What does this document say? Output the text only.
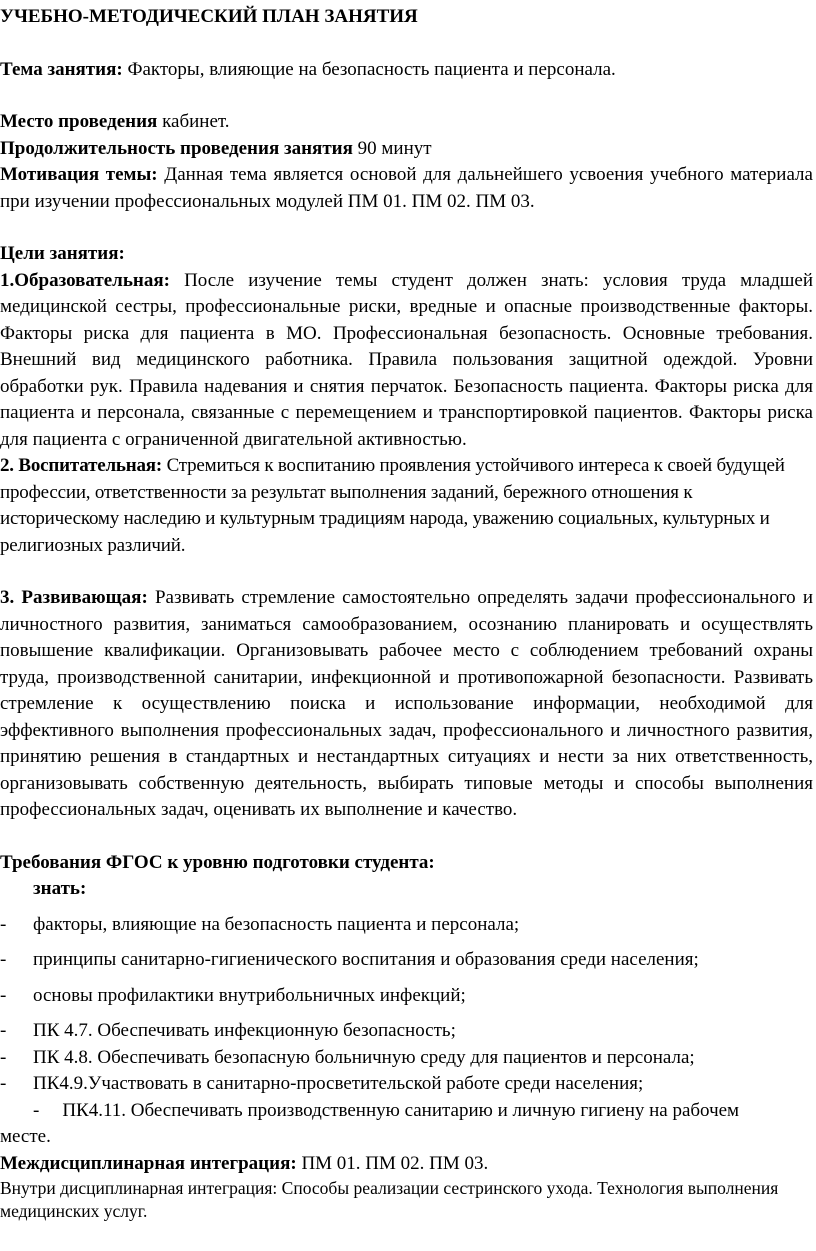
УЧЕБНО-МЕТОДИЧЕСКИЙ ПЛАН ЗАНЯТИЯ

Тема занятия: Факторы, влияющие на безопасность пациента и персонала.

Место проведения кабинет.

Продолжительность проведения занятия 90 минут

Мотивация темы: Данная тема является основой для дальнейшего усвоения учебного материала при изучении профессиональных модулей ПМ 01. ПМ 02. ПМ 03.

Цели занятия:

1.Образовательная: После изучение темы студент должен знать: условия труда младшей медицинской сестры, профессиональные риски, вредные и опасные производственные факторы. Факторы риска для пациента в МО. Профессиональная безопасность. Основные требования. Внешний вид медицинского работника. Правила пользования защитной одеждой. Уровни обработки рук. Правила надевания и снятия перчаток. Безопасность пациента. Факторы риска для пациента и персонала, связанные с перемещением и транспортировкой пациентов. Факторы риска для пациента с ограниченной двигательной активностью.

2. Воспитательная: Стремиться к воспитанию проявления устойчивого интереса к своей будущей профессии, ответственности за результат выполнения заданий, бережного отношения к историческому наследию и культурным традициям народа, уважению социальных, культурных и религиозных различий.

3. Развивающая: Развивать стремление самостоятельно определять задачи профессионального и личностного развития, заниматься самообразованием, осознанию планировать и осуществлять повышение квалификации. Организовывать рабочее место с соблюдением требований охраны труда, производственной санитарии, инфекционной и противопожарной безопасности. Развивать стремление к осуществлению поиска и использование информации, необходимой для эффективного выполнения профессиональных задач, профессионального и личностного развития, принятию решения в стандартных и нестандартных ситуациях и нести за них ответственность, организовывать собственную деятельность, выбирать типовые методы и способы выполнения профессиональных задач, оценивать их выполнение и качество.

Требования ФГОС к уровню подготовки студента:

знать:

-	факторы, влияющие на безопасность пациента и персонала;
-	принципы санитарно-гигиенического воспитания и образования среди населения;
-	основы профилактики внутрибольничных инфекций;
-	ПК 4.7. Обеспечивать инфекционную безопасность;
-	ПК 4.8. Обеспечивать безопасную больничную среду для пациентов и персонала;
-	ПК4.9.Участвовать в санитарно-просветительской работе среди населения;

- ПК4.11. Обеспечивать производственную санитарию и личную гигиену на рабочем

месте.

Междисциплинарная интеграция: ПМ 01. ПМ 02. ПМ 03.

Внутри дисциплинарная интеграция: Способы реализации сестринского ухода. Технология выполнения медицинских услуг.
